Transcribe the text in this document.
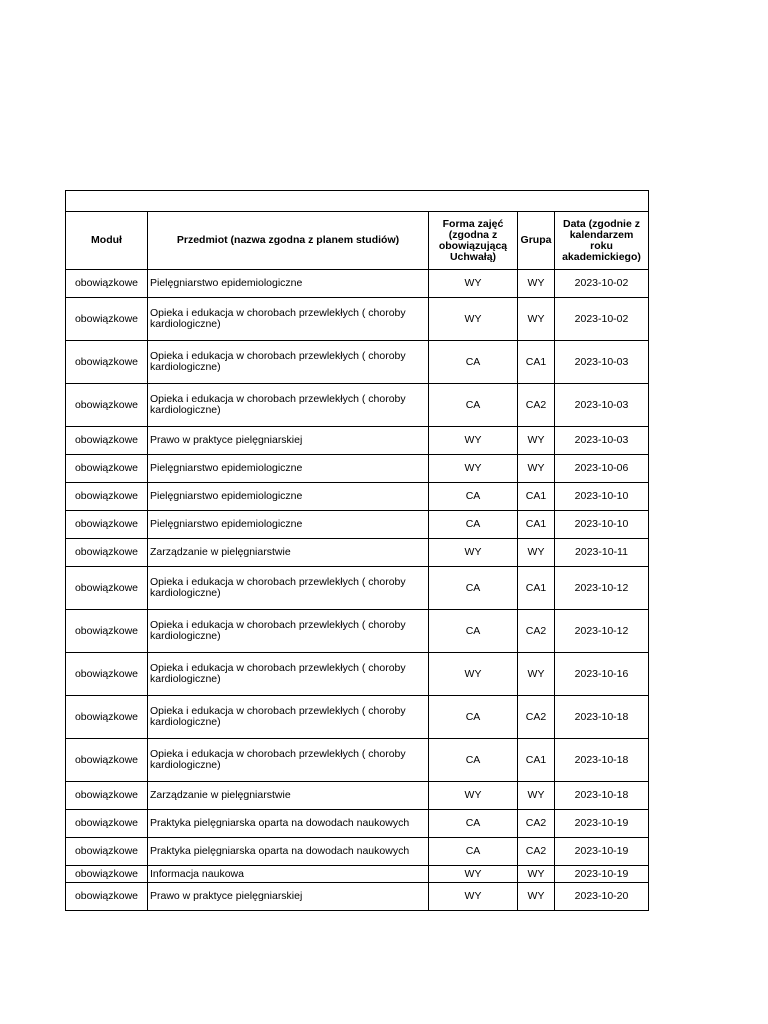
Moduł	Przedmiot (nazwa zgodna z planem studiów)	Forma zajęć (zgodna z obowiązującą Uchwałą)	Grupa	Data (zgodnie z kalendarzem roku akademickiego)
obowiązkowe	Pielęgniarstwo epidemiologiczne	WY	WY	2023-10-02
obowiązkowe	Opieka i edukacja w chorobach przewlekłych ( choroby kardiologiczne)	WY	WY	2023-10-02
obowiązkowe	Opieka i edukacja w chorobach przewlekłych ( choroby kardiologiczne)	CA	CA1	2023-10-03
obowiązkowe	Opieka i edukacja w chorobach przewlekłych ( choroby kardiologiczne)	CA	CA2	2023-10-03
obowiązkowe	Prawo w praktyce pielęgniarskiej	WY	WY	2023-10-03
obowiązkowe	Pielęgniarstwo epidemiologiczne	WY	WY	2023-10-06
obowiązkowe	Pielęgniarstwo epidemiologiczne	CA	CA1	2023-10-10
obowiązkowe	Pielęgniarstwo epidemiologiczne	CA	CA1	2023-10-10
obowiązkowe	Zarządzanie w pielęgniarstwie	WY	WY	2023-10-11
obowiązkowe	Opieka i edukacja w chorobach przewlekłych ( choroby kardiologiczne)	CA	CA1	2023-10-12
obowiązkowe	Opieka i edukacja w chorobach przewlekłych ( choroby kardiologiczne)	CA	CA2	2023-10-12
obowiązkowe	Opieka i edukacja w chorobach przewlekłych ( choroby kardiologiczne)	WY	WY	2023-10-16
obowiązkowe	Opieka i edukacja w chorobach przewlekłych ( choroby kardiologiczne)	CA	CA2	2023-10-18
obowiązkowe	Opieka i edukacja w chorobach przewlekłych ( choroby kardiologiczne)	CA	CA1	2023-10-18
obowiązkowe	Zarządzanie w pielęgniarstwie	WY	WY	2023-10-18
obowiązkowe	Praktyka pielęgniarska oparta na dowodach naukowych	CA	CA2	2023-10-19
obowiązkowe	Praktyka pielęgniarska oparta na dowodach naukowych	CA	CA2	2023-10-19
obowiązkowe	Informacja naukowa	WY	WY	2023-10-19
obowiązkowe	Prawo w praktyce pielęgniarskiej	WY	WY	2023-10-20
